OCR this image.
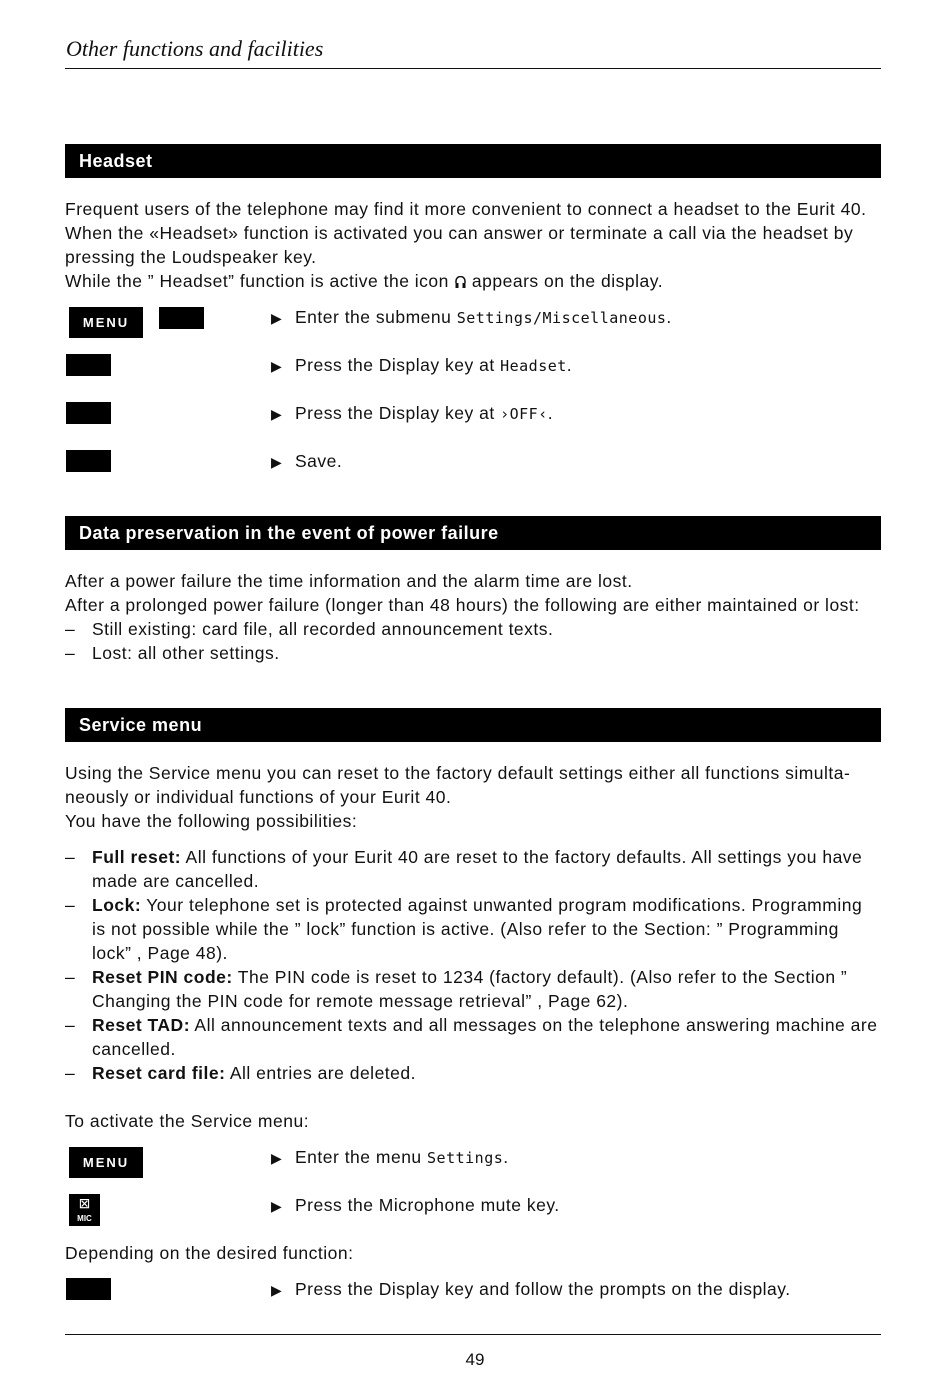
Other functions and facilities
Headset

Frequent users of the telephone may find it more convenient to connect a headset to the Eurit 40.

When the «Headset» function is activated you can answer or terminate a call via the headset by

pressing the Loudspeaker key.

While the ” Headset” function is active the icon appears on the display.

MENU	▶ Enter the submenu Settings/Miscellaneous.
▶ Press the Display key at Headset.
▶ Press the Display key at ›OFF‹.
▶ Save.
Data preservation in the event of power failure

After a power failure the time information and the alarm time are lost.

After a prolonged power failure (longer than 48 hours) the following are either maintained or lost:

– Still existing: card file, all recorded announcement texts.
– Lost: all other settings.
Service menu

Using the Service menu you can reset to the factory default settings either all functions simulta-

neously or individual functions of your Eurit 40.

You have the following possibilities:

– Full reset: All functions of your Eurit 40 are reset to the factory defaults. All settings you have made are cancelled.
– Lock: Your telephone set is protected against unwanted program modifications. Programming is not possible while the ” lock” function is active. (Also refer to the Section: ” Programming lock” , Page 48).
– Reset PIN code: The PIN code is reset to 1234 (factory default). (Also refer to the Section ” Changing the PIN code for remote message retrieval” , Page 62).
– Reset TAD: All announcement texts and all messages on the telephone answering machine are cancelled.
– Reset card file: All entries are deleted.
To activate the Service menu:
MENU	▶ Enter the menu Settings.
⊠
MIC
▶ Press the Microphone mute key.
Depending on the desired function:
▶ Press the Display key and follow the prompts on the display.
49
